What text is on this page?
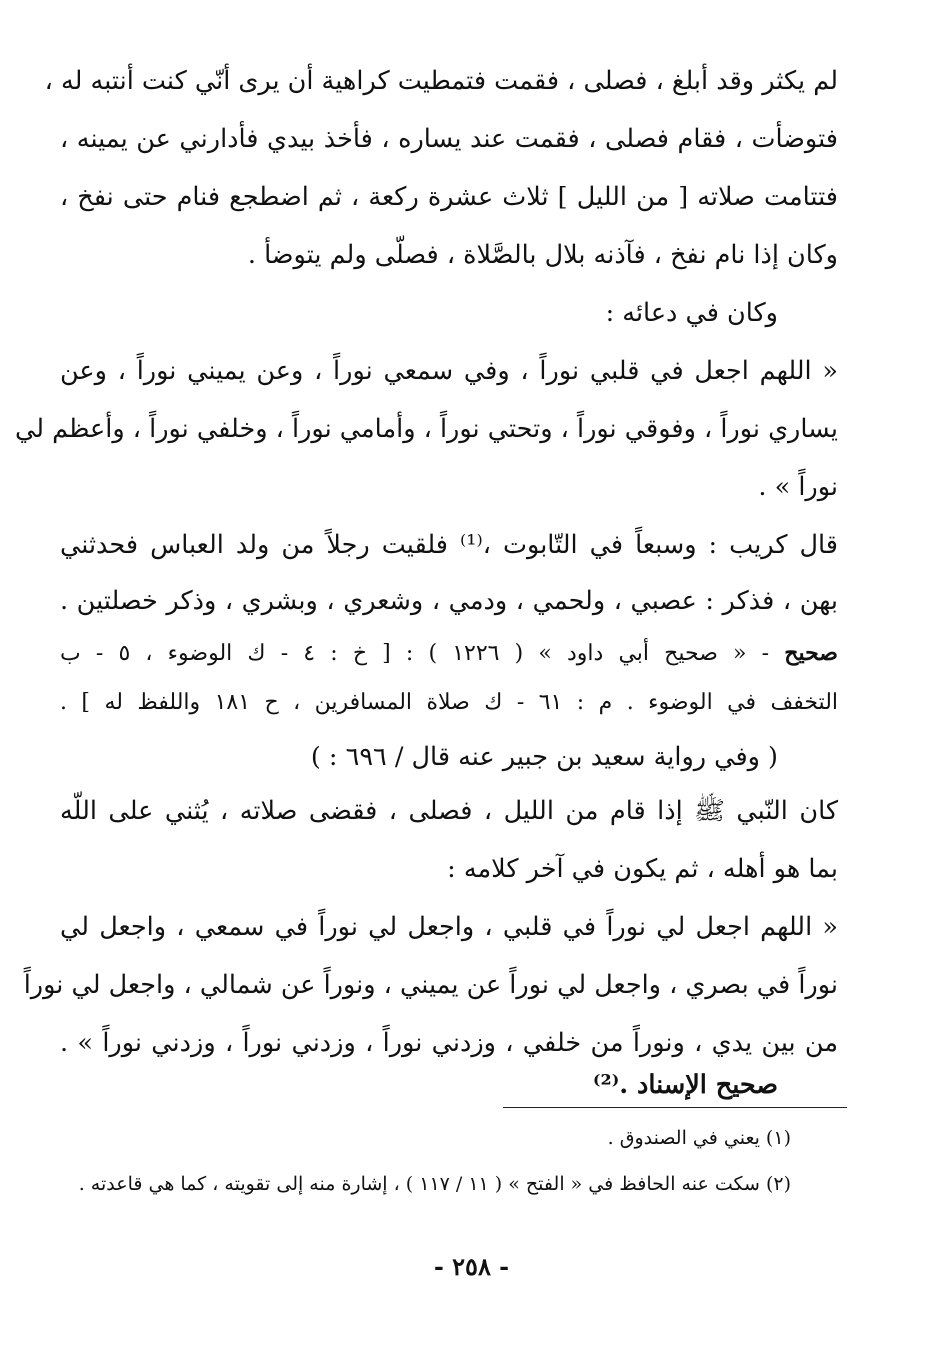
لم يكثر وقد أبلغ ، فصلى ، فقمت فتمطيت كراهية أن يرى أنّي كنت أنتبه له ،
فتوضأت ، فقام فصلى ، فقمت عند يساره ، فأخذ بيدي فأدارني عن يمينه ،
فتتامت صلاته [ من الليل ] ثلاث عشرة ركعة ، ثم اضطجع فنام حتى نفخ ،
وكان إذا نام نفخ ، فآذنه بلال بالصَّلاة ، فصلّى ولم يتوضأ .
وكان في دعائه :
« اللهم اجعل في قلبي نوراً ، وفي سمعي نوراً ، وعن يميني نوراً ، وعن
يساري نوراً ، وفوقي نوراً ، وتحتي نوراً ، وأمامي نوراً ، وخلفي نوراً ، وأعظم لي
نوراً » .
قال كريب : وسبعاً في التّابوت ،⁽¹⁾ فلقيت رجلاً من ولد العباس فحدثني
بهن ، فذكر : عصبي ، ولحمي ، ودمي ، وشعري ، وبشري ، وذكر خصلتين .
صحيح - « صحيح أبي داود » ( ١٢٢٦ ) : [ خ : ٤ - ك الوضوء ، ٥ - ب
التخفف في الوضوء . م : ٦١ - ك صلاة المسافرين ، ح ١٨١ واللفظ له ] .
( وفي رواية سعيد بن جبير عنه قال / ٦٩٦ : )
كان النّبي ﷺ إذا قام من الليل ، فصلى ، فقضى صلاته ، يُثني على اللّه
بما هو أهله ، ثم يكون في آخر كلامه :
« اللهم اجعل لي نوراً في قلبي ، واجعل لي نوراً في سمعي ، واجعل لي
نوراً في بصري ، واجعل لي نوراً عن يميني ، ونوراً عن شمالي ، واجعل لي نوراً
من بين يدي ، ونوراً من خلفي ، وزدني نوراً ، وزدني نوراً ، وزدني نوراً » .
صحيح الإسناد .⁽²⁾
(١) يعني في الصندوق .
(٢) سكت عنه الحافظ في « الفتح » ( ١١ / ١١٧ ) ، إشارة منه إلى تقويته ، كما هي قاعدته .
- ٢٥٨ -
